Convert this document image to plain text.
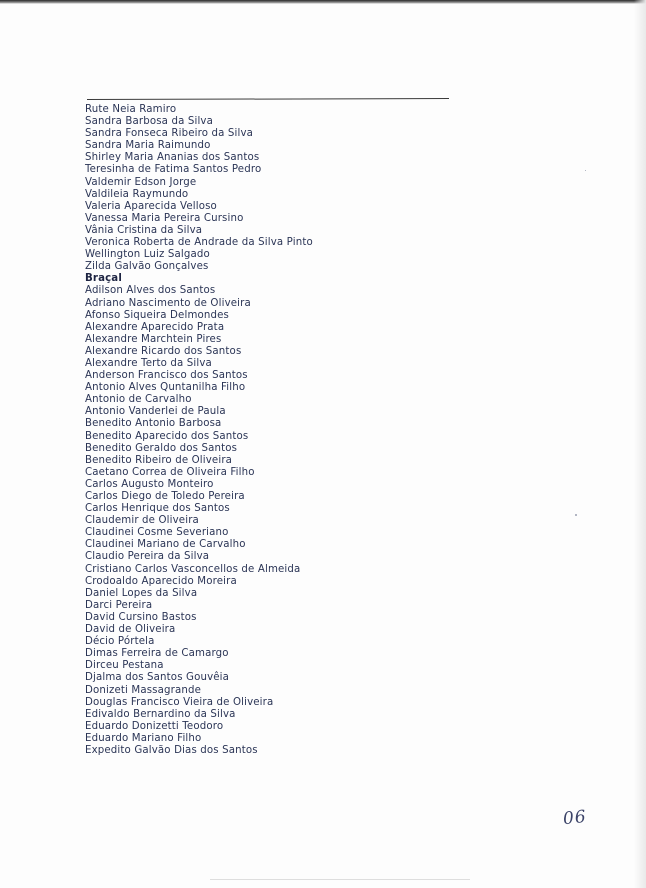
Rute Neia Ramiro
Sandra Barbosa da Silva
Sandra Fonseca Ribeiro da Silva
Sandra Maria Raimundo
Shirley Maria Ananias dos Santos
Teresinha de Fatima Santos Pedro
Valdemir Edson Jorge
Valdileia Raymundo
Valeria Aparecida Velloso
Vanessa Maria Pereira Cursino
Vânia Cristina da Silva
Veronica Roberta de Andrade da Silva Pinto
Wellington Luiz Salgado
Zilda Galvão Gonçalves
Braçal
Adilson Alves dos Santos
Adriano Nascimento de Oliveira
Afonso Siqueira Delmondes
Alexandre Aparecido Prata
Alexandre Marchtein Pires
Alexandre Ricardo dos Santos
Alexandre Terto da Silva
Anderson Francisco dos Santos
Antonio Alves Quntanilha Filho
Antonio de Carvalho
Antonio Vanderlei de Paula
Benedito Antonio Barbosa
Benedito Aparecido dos Santos
Benedito Geraldo dos Santos
Benedito Ribeiro de Oliveira
Caetano Correa de Oliveira Filho
Carlos Augusto Monteiro
Carlos Diego de Toledo Pereira
Carlos Henrique dos Santos
Claudemir de Oliveira
Claudinei Cosme Severiano
Claudinei Mariano de Carvalho
Claudio Pereira da Silva
Cristiano Carlos Vasconcellos de Almeida
Crodoaldo Aparecido Moreira
Daniel Lopes da Silva
Darci Pereira
David Cursino Bastos
David de Oliveira
Décio Pórtela
Dimas Ferreira de Camargo
Dirceu Pestana
Djalma dos Santos Gouvêia
Donizeti Massagrande
Douglas Francisco Vieira de Oliveira
Edivaldo Bernardino da Silva
Eduardo Donizetti Teodoro
Eduardo Mariano Filho
Expedito Galvão Dias dos Santos
06
